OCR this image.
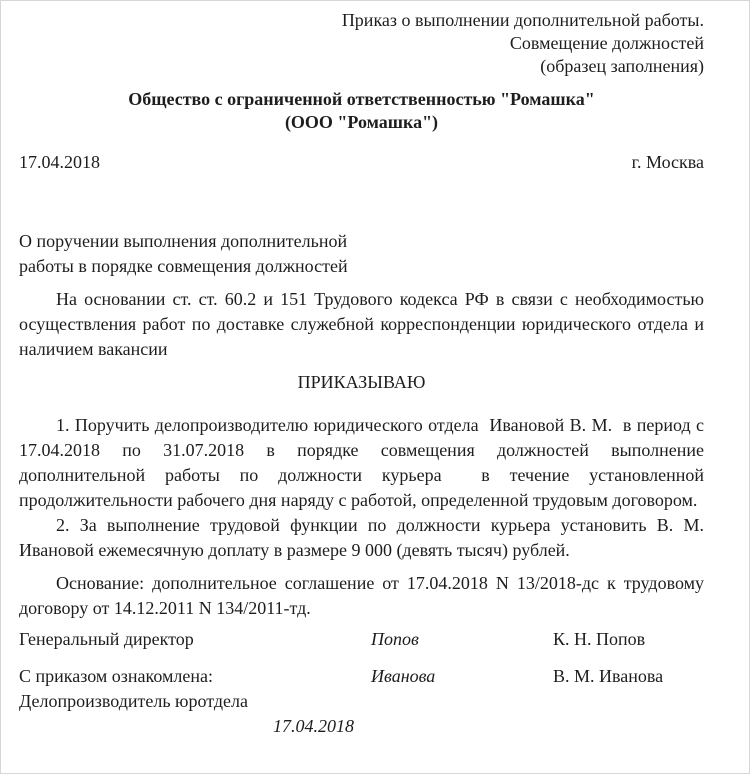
Приказ о выполнении дополнительной работы.
Совмещение должностей
(образец заполнения)
Общество с ограниченной ответственностью "Ромашка"
(ООО "Ромашка")
17.04.2018	г. Москва
О поручении выполнения дополнительной
работы в порядке совмещения должностей

На основании ст. ст. 60.2 и 151 Трудового кодекса РФ в связи с необходимостью осуществления работ по доставке служебной корреспонденции юридического отдела и наличием вакансии

ПРИКАЗЫВАЮ

1. Поручить делопроизводителю юридического отдела  Ивановой В. М.  в период с 17.04.2018 по 31.07.2018 в порядке совмещения должностей выполнение дополнительной работы по должности курьера  в течение установленной продолжительности рабочего дня наряду с работой, определенной трудовым договором.

2. За выполнение трудовой функции по должности курьера установить В. М. Ивановой ежемесячную доплату в размере 9 000 (девять тысяч) рублей.

Основание: дополнительное соглашение от 17.04.2018 N 13/2018-дс к трудовому договору от 14.12.2011 N 134/2011-тд.

Генеральный директор	Попов	К. Н. Попов
С приказом ознакомлена:	Иванова	В. М. Иванова
Делопроизводитель юротдела
17.04.2018
